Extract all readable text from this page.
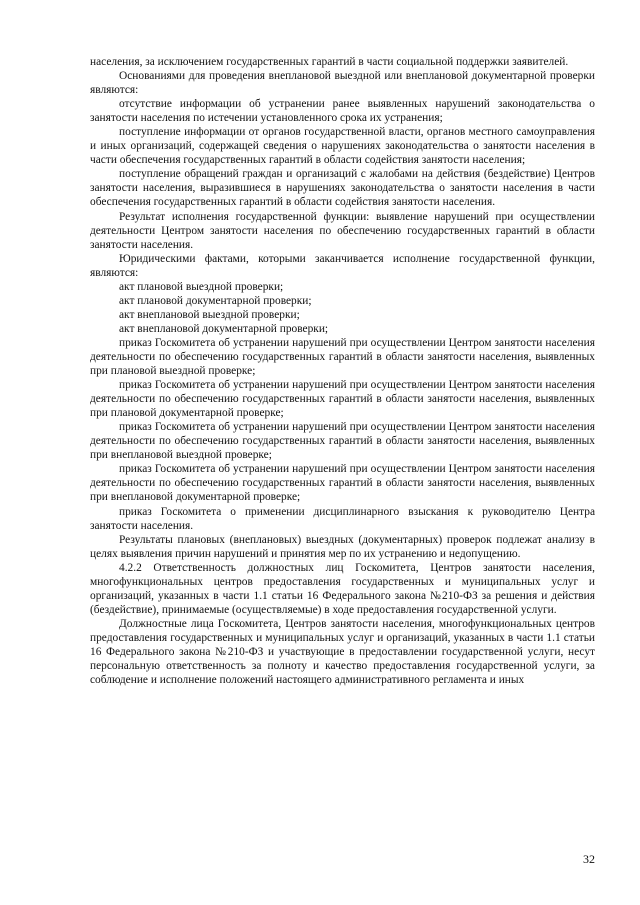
населения, за исключением государственных гарантий в части социальной поддержки заявителей.

Основаниями для проведения внеплановой выездной или внеплановой документарной проверки являются:

отсутствие информации об устранении ранее выявленных нарушений законодательства о занятости населения по истечении установленного срока их устранения;

поступление информации от органов государственной власти, органов местного самоуправления и иных организаций, содержащей сведения о нарушениях законодательства о занятости населения в части обеспечения государственных гарантий в области содействия занятости населения;

поступление обращений граждан и организаций с жалобами на действия (бездействие) Центров занятости населения, выразившиеся в нарушениях законодательства о занятости населения в части обеспечения государственных гарантий в области содействия занятости населения.

Результат исполнения государственной функции: выявление нарушений при осуществлении деятельности Центром занятости населения по обеспечению государственных гарантий в области занятости населения.

Юридическими фактами, которыми заканчивается исполнение государственной функции, являются:

акт плановой выездной проверки;

акт плановой документарной проверки;

акт внеплановой выездной проверки;

акт внеплановой документарной проверки;

приказ Госкомитета об устранении нарушений при осуществлении Центром занятости населения деятельности по обеспечению государственных гарантий в области занятости населения, выявленных при плановой выездной проверке;

приказ Госкомитета об устранении нарушений при осуществлении Центром занятости населения деятельности по обеспечению государственных гарантий в области занятости населения, выявленных при плановой документарной проверке;

приказ Госкомитета об устранении нарушений при осуществлении Центром занятости населения деятельности по обеспечению государственных гарантий в области занятости населения, выявленных при внеплановой выездной проверке;

приказ Госкомитета об устранении нарушений при осуществлении Центром занятости населения деятельности по обеспечению государственных гарантий в области занятости населения, выявленных при внеплановой документарной проверке;

приказ Госкомитета о применении дисциплинарного взыскания к руководителю Центра занятости населения.

Результаты плановых (внеплановых) выездных (документарных) проверок подлежат анализу в целях выявления причин нарушений и принятия мер по их устранению и недопущению.

4.2.2 Ответственность должностных лиц Госкомитета, Центров занятости населения, многофункциональных центров предоставления государственных и муниципальных услуг и организаций, указанных в части 1.1 статьи 16 Федерального закона №210-ФЗ за решения и действия (бездействие), принимаемые (осуществляемые) в ходе предоставления государственной услуги.

Должностные лица Госкомитета, Центров занятости населения, многофункциональных центров предоставления государственных и муниципальных услуг и организаций, указанных в части 1.1 статьи 16 Федерального закона №210-ФЗ и участвующие в предоставлении государственной услуги, несут персональную ответственность за полноту и качество предоставления государственной услуги, за соблюдение и исполнение положений настоящего административного регламента и иных

32
